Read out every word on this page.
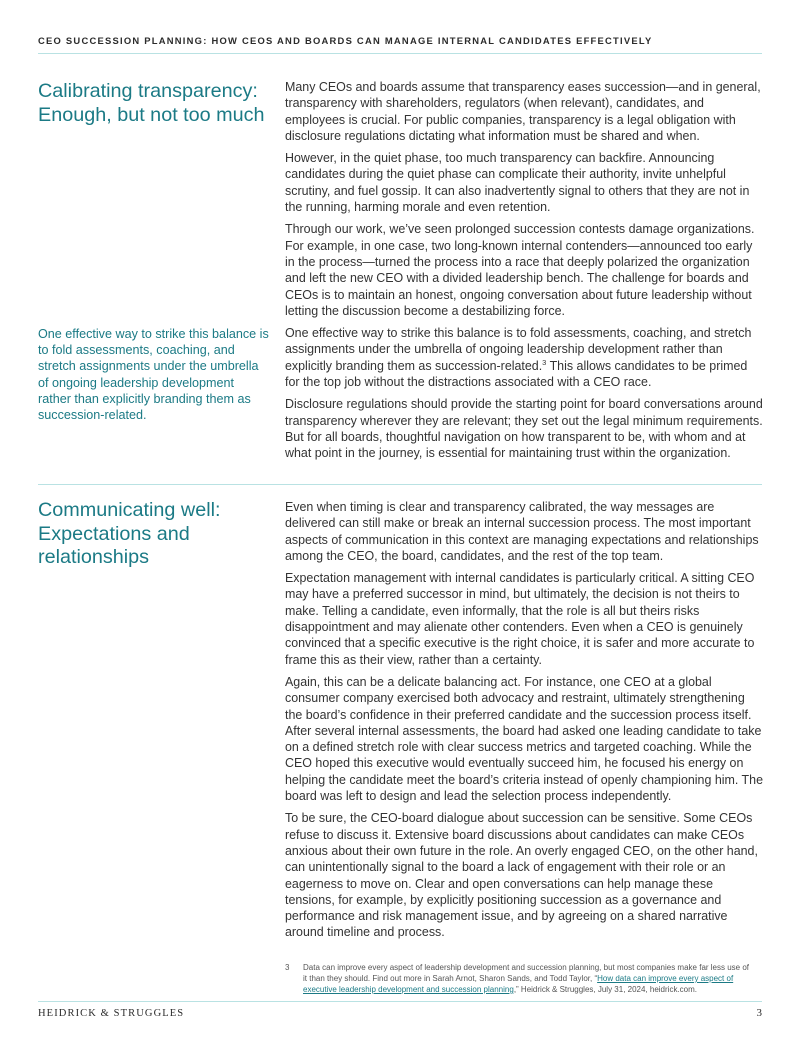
CEO SUCCESSION PLANNING: HOW CEOS AND BOARDS CAN MANAGE INTERNAL CANDIDATES EFFECTIVELY
Calibrating transparency: Enough, but not too much

One effective way to strike this balance is to fold assessments, coaching, and stretch assignments under the umbrella of ongoing leadership development rather than explicitly branding them as succession-related.

Many CEOs and boards assume that transparency eases succession—and in general, transparency with shareholders, regulators (when relevant), candidates, and employees is crucial. For public companies, transparency is a legal obligation with disclosure regulations dictating what information must be shared and when.

However, in the quiet phase, too much transparency can backfire. Announcing candidates during the quiet phase can complicate their authority, invite unhelpful scrutiny, and fuel gossip. It can also inadvertently signal to others that they are not in the running, harming morale and even retention.

Through our work, we’ve seen prolonged succession contests damage organizations. For example, in one case, two long-known internal contenders—announced too early in the process—turned the process into a race that deeply polarized the organization and left the new CEO with a divided leadership bench. The challenge for boards and CEOs is to maintain an honest, ongoing conversation about future leadership without letting the discussion become a destabilizing force.

One effective way to strike this balance is to fold assessments, coaching, and stretch assignments under the umbrella of ongoing leadership development rather than explicitly branding them as succession-related.$^3$ This allows candidates to be primed for the top job without the distractions associated with a CEO race.

Disclosure regulations should provide the starting point for board conversations around transparency wherever they are relevant; they set out the legal minimum requirements. But for all boards, thoughtful navigation on how transparent to be, with whom and at what point in the journey, is essential for maintaining trust within the organization.

Communicating well: Expectations and relationships

Even when timing is clear and transparency calibrated, the way messages are delivered can still make or break an internal succession process. The most important aspects of communication in this context are managing expectations and relationships among the CEO, the board, candidates, and the rest of the top team.

Expectation management with internal candidates is particularly critical. A sitting CEO may have a preferred successor in mind, but ultimately, the decision is not theirs to make. Telling a candidate, even informally, that the role is all but theirs risks disappointment and may alienate other contenders. Even when a CEO is genuinely convinced that a specific executive is the right choice, it is safer and more accurate to frame this as their view, rather than a certainty.

Again, this can be a delicate balancing act. For instance, one CEO at a global consumer company exercised both advocacy and restraint, ultimately strengthening the board’s confidence in their preferred candidate and the succession process itself. After several internal assessments, the board had asked one leading candidate to take on a defined stretch role with clear success metrics and targeted coaching. While the CEO hoped this executive would eventually succeed him, he focused his energy on helping the candidate meet the board’s criteria instead of openly championing him. The board was left to design and lead the selection process independently.

To be sure, the CEO-board dialogue about succession can be sensitive. Some CEOs refuse to discuss it. Extensive board discussions about candidates can make CEOs anxious about their own future in the role. An overly engaged CEO, on the other hand, can unintentionally signal to the board a lack of engagement with their role or an eagerness to move on. Clear and open conversations can help manage these tensions, for example, by explicitly positioning succession as a governance and performance and risk management issue, and by agreeing on a shared narrative around timeline and process.

3 Data can improve every aspect of leadership development and succession planning, but most companies make far less use of it than they should. Find out more in Sarah Arnot, Sharon Sands, and Todd Taylor, “How data can improve every aspect of executive leadership development and succession planning,” Heidrick & Struggles, July 31, 2024, heidrick.com.
HEIDRICK & STRUGGLES	3
